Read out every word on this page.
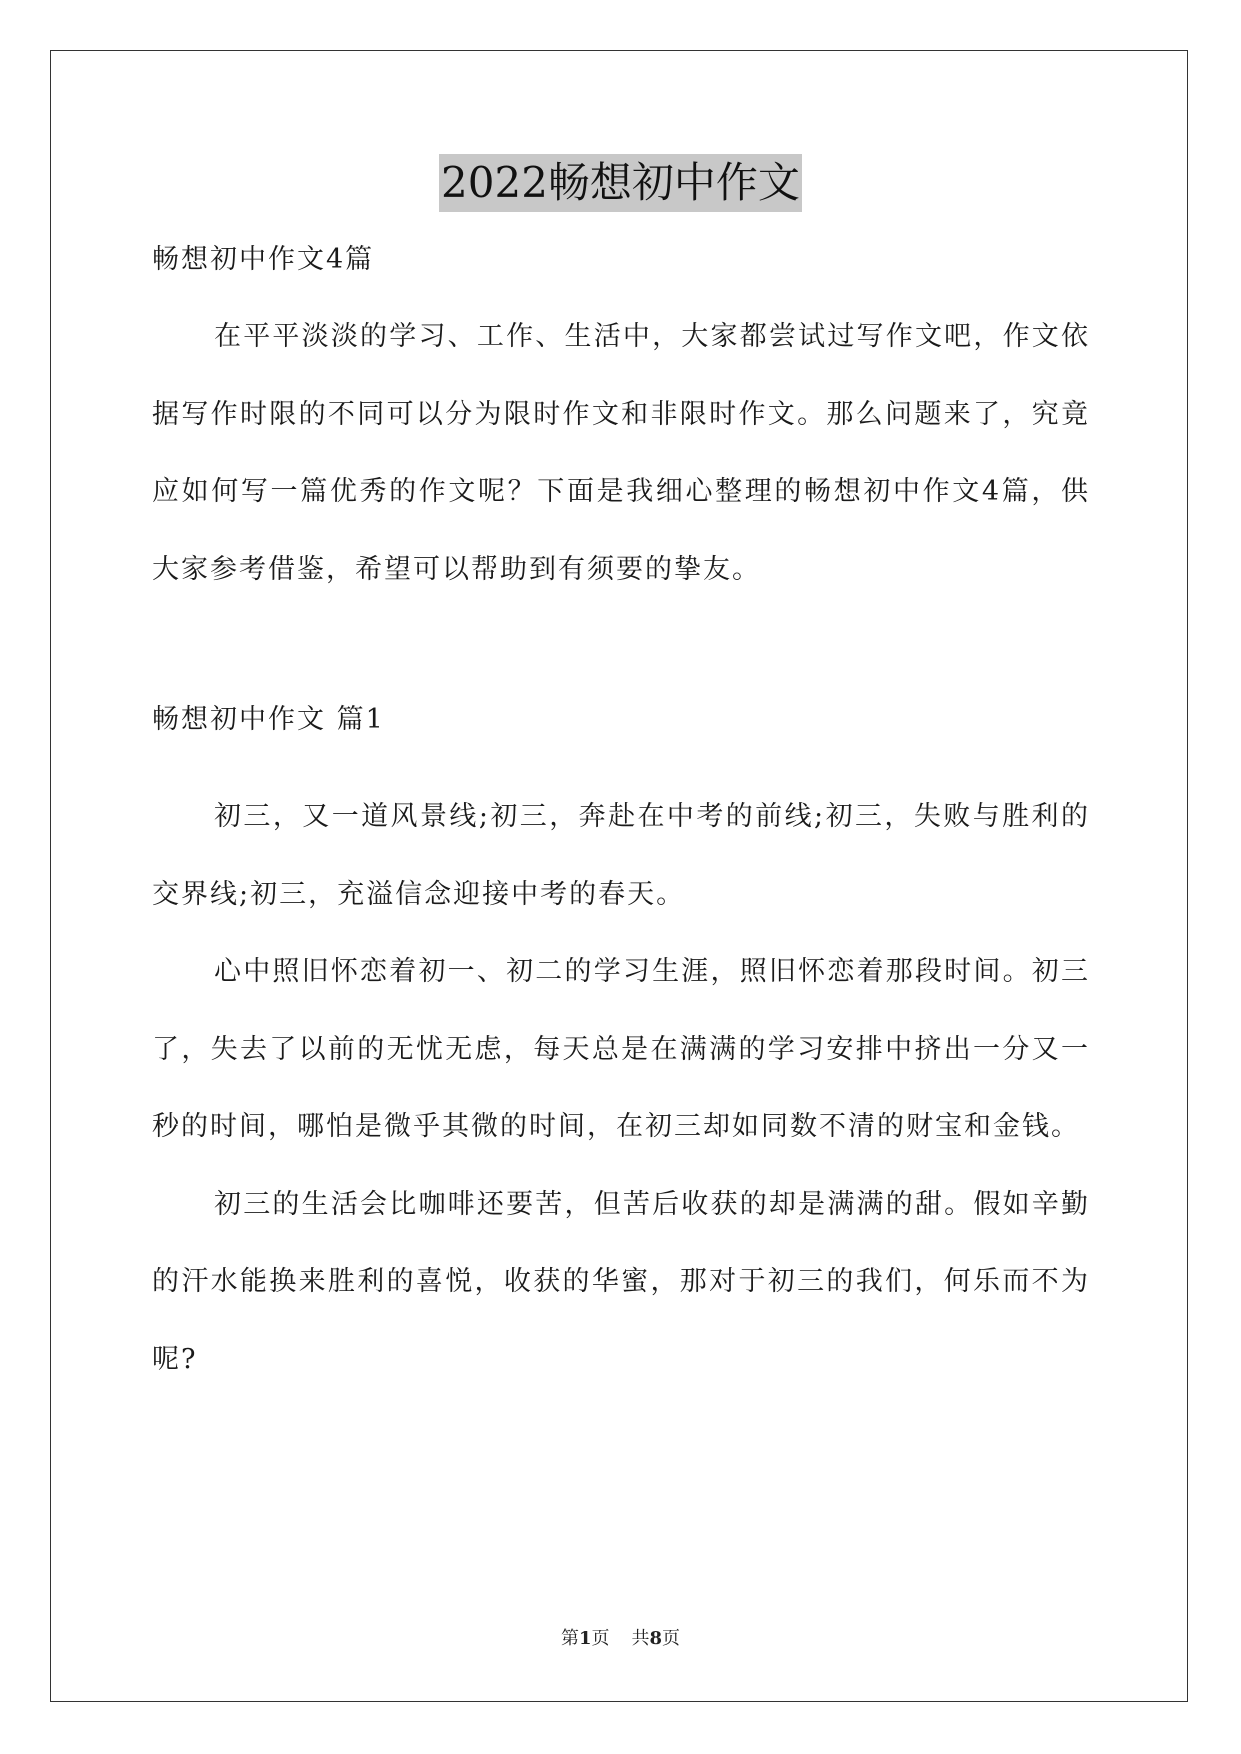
2022畅想初中作文

畅想初中作文4篇

在平平淡淡的学习、工作、生活中，大家都尝试过写作文吧，作文依据写作时限的不同可以分为限时作文和非限时作文。那么问题来了，究竟应如何写一篇优秀的作文呢？下面是我细心整理的畅想初中作文4篇，供大家参考借鉴，希望可以帮助到有须要的挚友。

畅想初中作文 篇1

初三，又一道风景线;初三，奔赴在中考的前线;初三，失败与胜利的交界线;初三，充溢信念迎接中考的春天。

心中照旧怀恋着初一、初二的学习生涯，照旧怀恋着那段时间。初三了，失去了以前的无忧无虑，每天总是在满满的学习安排中挤出一分又一秒的时间，哪怕是微乎其微的时间，在初三却如同数不清的财宝和金钱。

初三的生活会比咖啡还要苦，但苦后收获的却是满满的甜。假如辛勤的汗水能换来胜利的喜悦，收获的华蜜，那对于初三的我们，何乐而不为呢?

第1页 共8页
